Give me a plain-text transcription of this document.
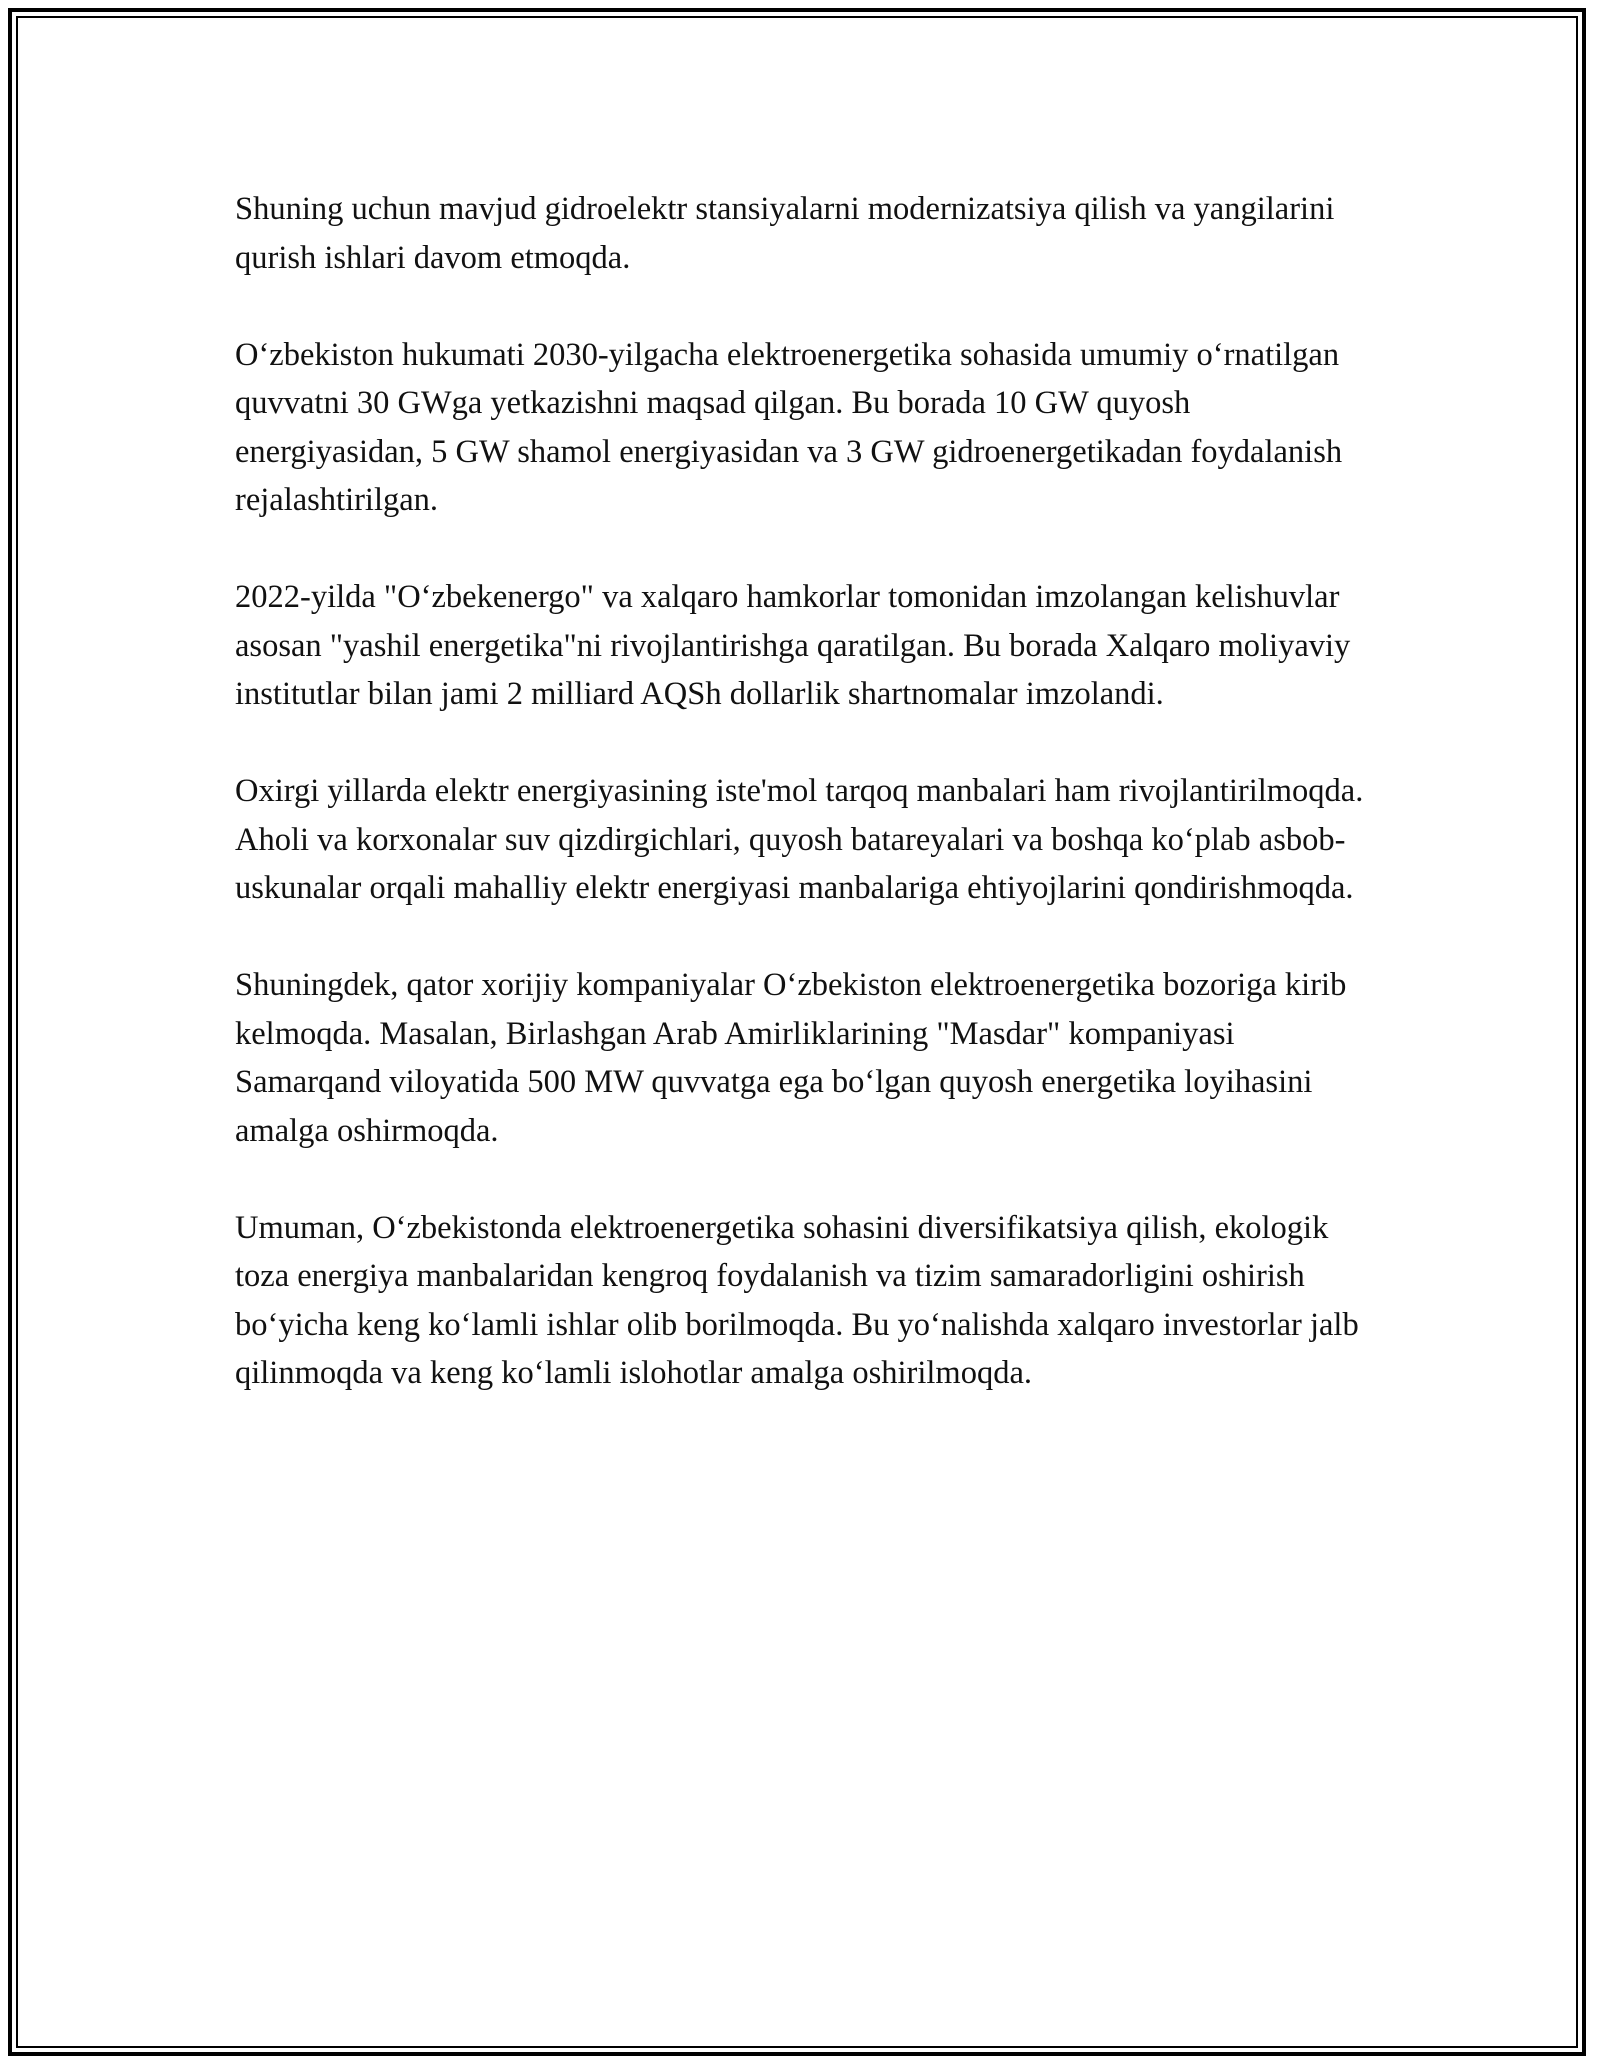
Shuning uchun mavjud gidroelektr stansiyalarni modernizatsiya qilish va yangilarini qurish ishlari davom etmoqda.

O‘zbekiston hukumati 2030-yilgacha elektroenergetika sohasida umumiy o‘rnatilgan quvvatni 30 GWga yetkazishni maqsad qilgan. Bu borada 10 GW quyosh energiyasidan, 5 GW shamol energiyasidan va 3 GW gidroenergetikadan foydalanish rejalashtirilgan.

2022-yilda "O‘zbekenergo" va xalqaro hamkorlar tomonidan imzolangan kelishuvlar asosan "yashil energetika"ni rivojlantirishga qaratilgan. Bu borada Xalqaro moliyaviy institutlar bilan jami 2 milliard AQSh dollarlik shartnomalar imzolandi.

Oxirgi yillarda elektr energiyasining iste'mol tarqoq manbalari ham rivojlantirilmoqda. Aholi va korxonalar suv qizdirgichlari, quyosh batareyalari va boshqa ko‘plab asbob-uskunalar orqali mahalliy elektr energiyasi manbalariga ehtiyojlarini qondirishmoqda.

Shuningdek, qator xorijiy kompaniyalar O‘zbekiston elektroenergetika bozoriga kirib kelmoqda. Masalan, Birlashgan Arab Amirliklarining "Masdar" kompaniyasi Samarqand viloyatida 500 MW quvvatga ega bo‘lgan quyosh energetika loyihasini amalga oshirmoqda.

Umuman, O‘zbekistonda elektroenergetika sohasini diversifikatsiya qilish, ekologik toza energiya manbalaridan kengroq foydalanish va tizim samaradorligini oshirish bo‘yicha keng ko‘lamli ishlar olib borilmoqda. Bu yo‘nalishda xalqaro investorlar jalb qilinmoqda va keng ko‘lamli islohotlar amalga oshirilmoqda.
